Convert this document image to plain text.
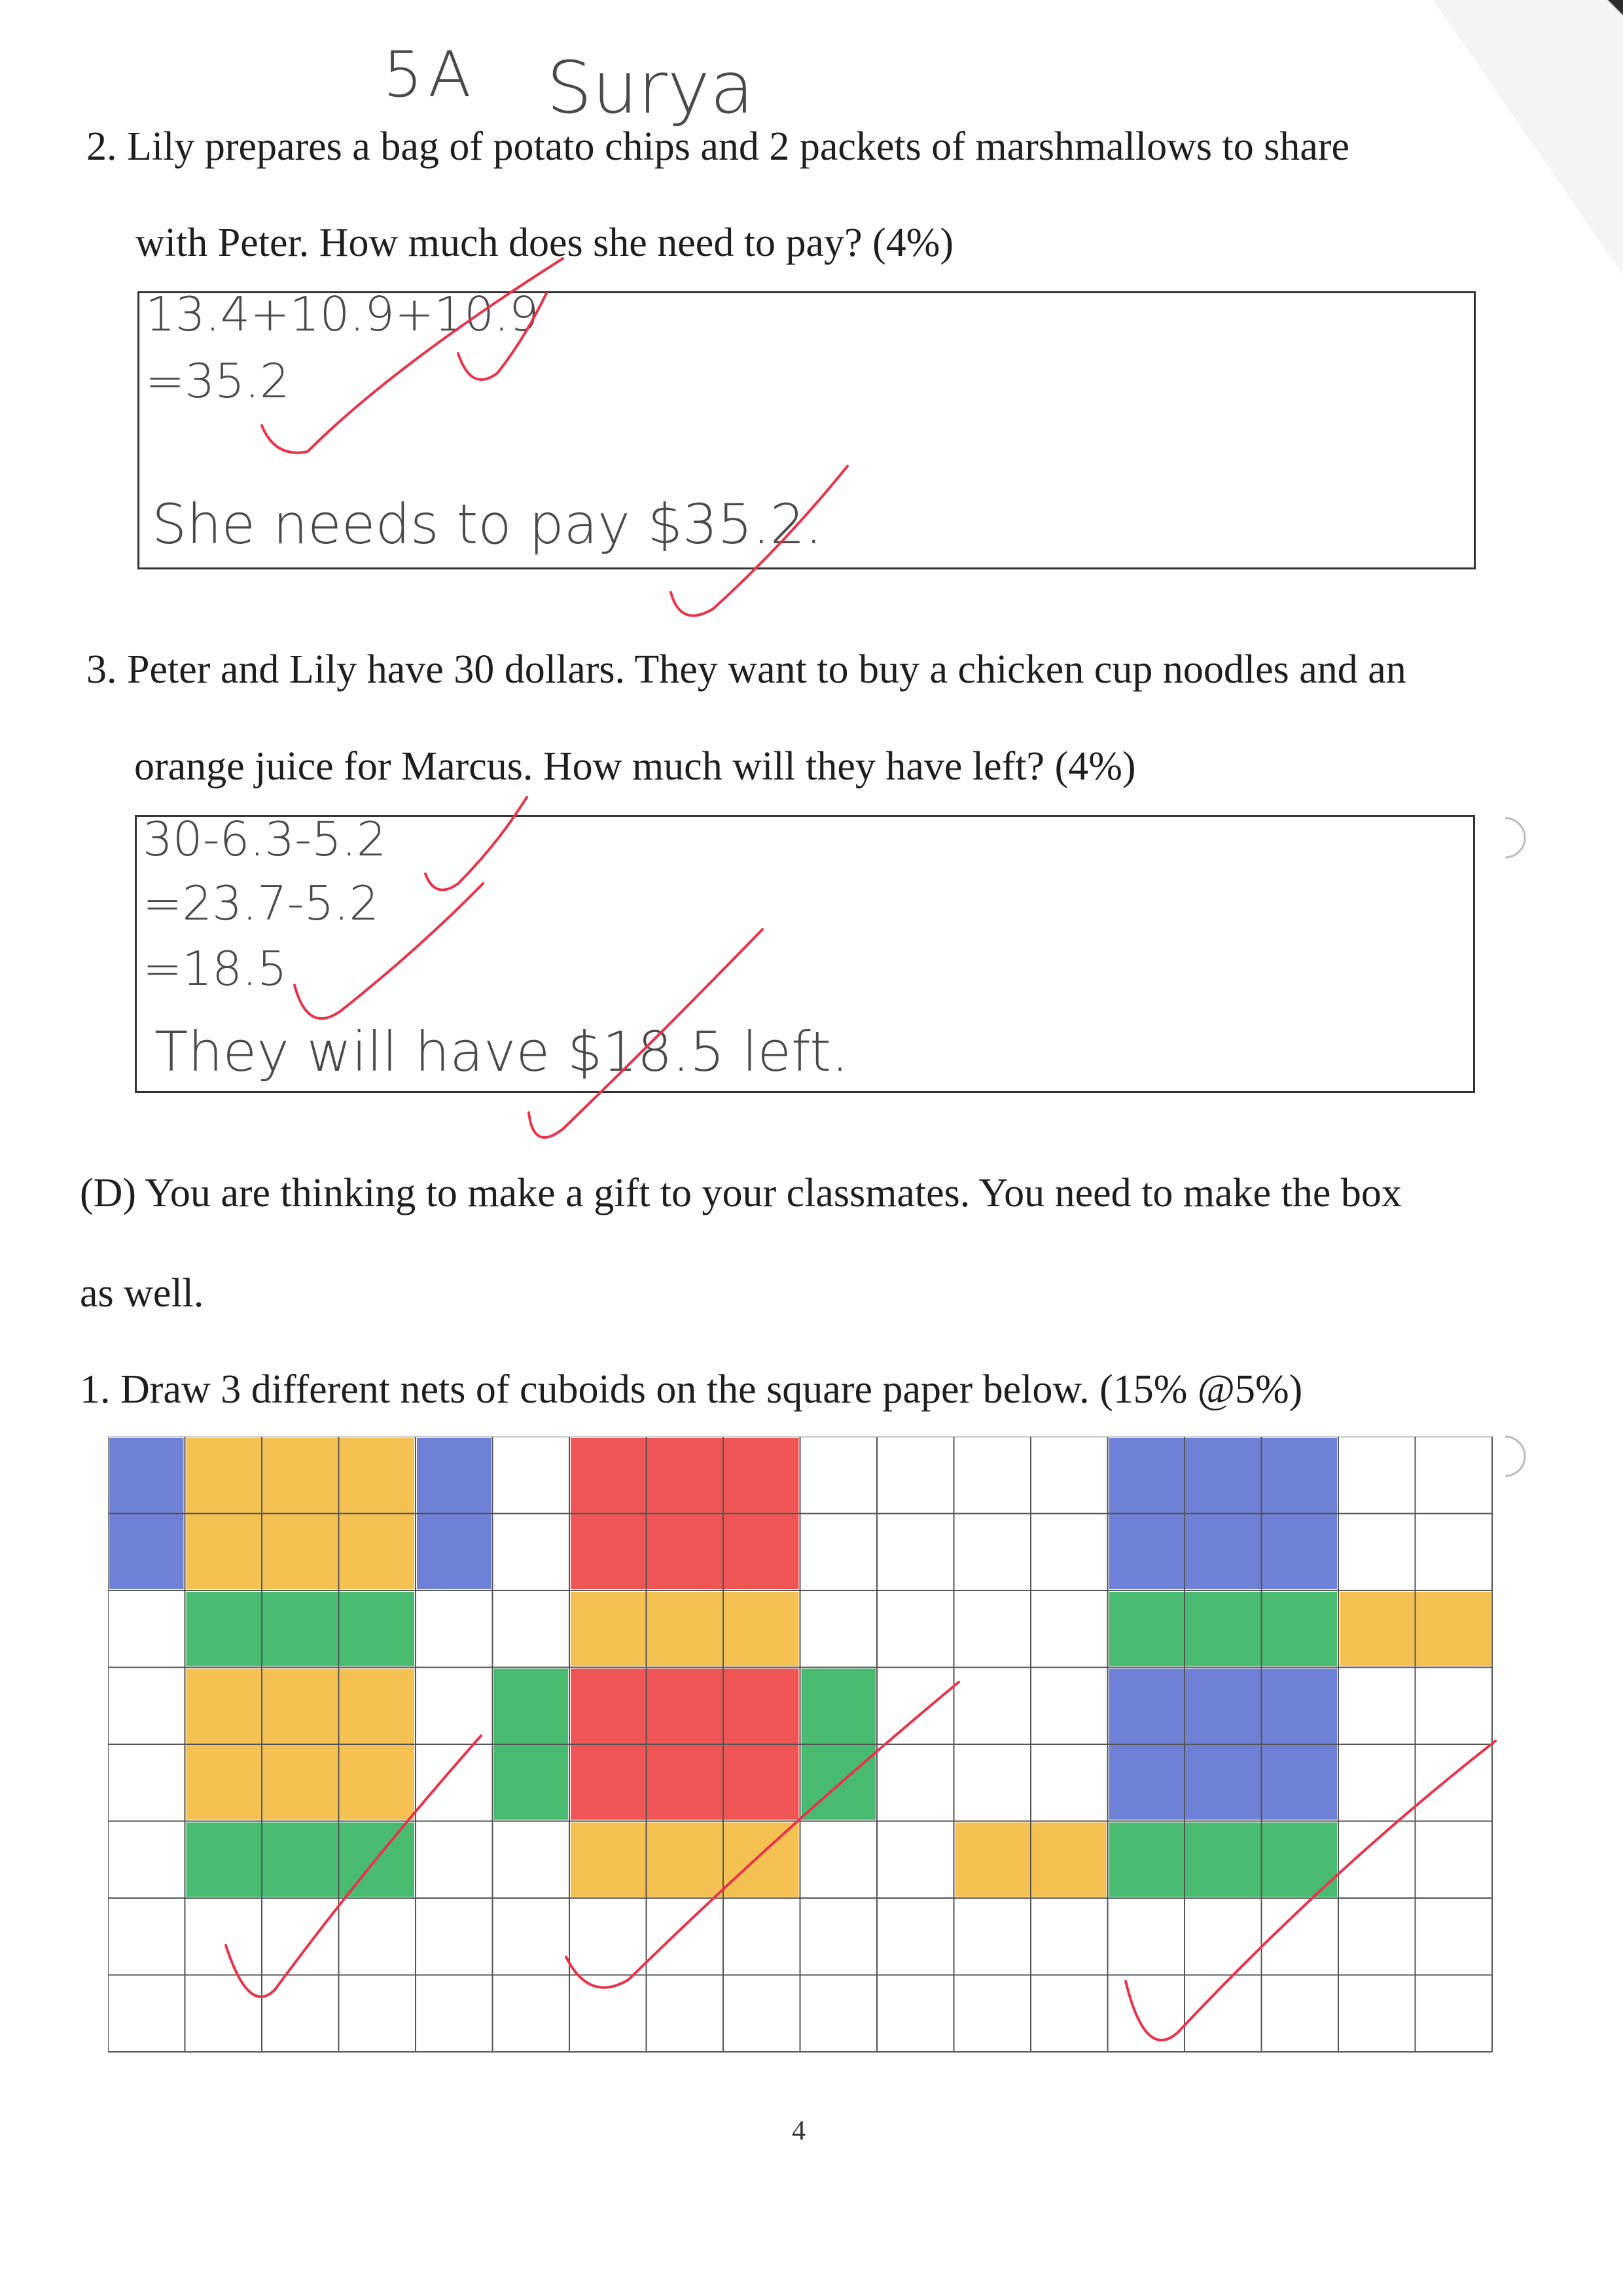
5A Surya
2. Lily prepares a bag of potato chips and 2 packets of marshmallows to share
with Peter. How much does she need to pay? (4%)
13.4+10.9+10.9
=35.2
She needs to pay $35.2.
3. Peter and Lily have 30 dollars. They want to buy a chicken cup noodles and an
orange juice for Marcus. How much will they have left? (4%)
30-6.3-5.2
=23.7-5.2
=18.5
They will have $18.5 left.
(D) You are thinking to make a gift to your classmates. You need to make the box
as well.
1. Draw 3 different nets of cuboids on the square paper below. (15% @5%)
4
